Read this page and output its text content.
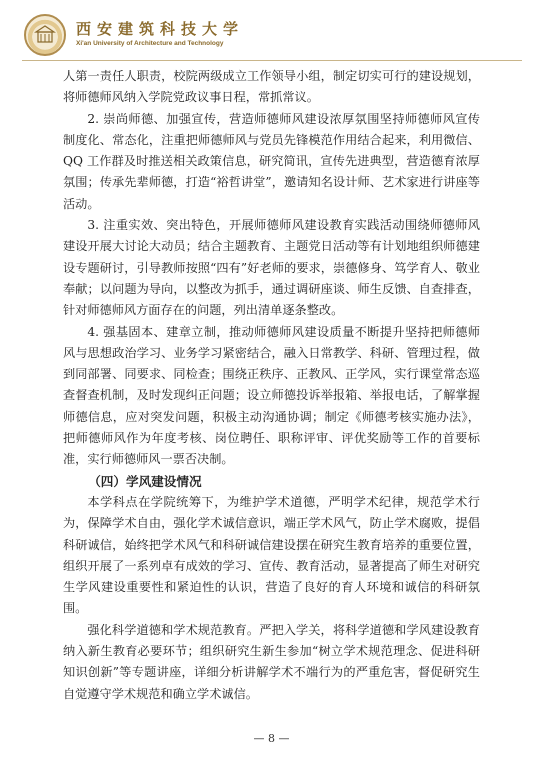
西安建筑科技大学
Xi'an University of Architecture and Technology

人第一责任人职责，校院两级成立工作领导小组，制定切实可行的建设规划，将师德师风纳入学院党政议事日程，常抓常议。

2. 崇尚师德、加强宣传，营造师德师风建设浓厚氛围坚持师德师风宣传制度化、常态化，注重把师德师风与党员先锋模范作用结合起来，利用微信、QQ 工作群及时推送相关政策信息，研究简讯，宣传先进典型，营造德育浓厚氛围；传承先辈师德，打造“裕哲讲堂”，邀请知名设计师、艺术家进行讲座等活动。

3. 注重实效、突出特色，开展师德师风建设教育实践活动围绕师德师风建设开展大讨论大动员；结合主题教育、主题党日活动等有计划地组织师德建设专题研讨，引导教师按照“四有”好老师的要求，崇德修身、笃学育人、敬业奉献；以问题为导向，以整改为抓手，通过调研座谈、师生反馈、自查排查，针对师德师风方面存在的问题，列出清单逐条整改。

4. 强基固本、建章立制，推动师德师风建设质量不断提升坚持把师德师风与思想政治学习、业务学习紧密结合，融入日常教学、科研、管理过程，做到同部署、同要求、同检查；围绕正秩序、正教风、正学风，实行课堂常态巡查督查机制，及时发现纠正问题；设立师德投诉举报箱、举报电话，了解掌握师德信息，应对突发问题，积极主动沟通协调；制定《师德考核实施办法》，把师德师风作为年度考核、岗位聘任、职称评审、评优奖励等工作的首要标准，实行师德师风一票否决制。

（四）学风建设情况

本学科点在学院统筹下，为维护学术道德，严明学术纪律，规范学术行为，保障学术自由，强化学术诚信意识，端正学术风气，防止学术腐败，提倡科研诚信，始终把学术风气和科研诚信建设摆在研究生教育培养的重要位置，组织开展了一系列卓有成效的学习、宣传、教育活动，显著提高了师生对研究生学风建设重要性和紧迫性的认识，营造了良好的育人环境和诚信的科研氛围。

强化科学道德和学术规范教育。严把入学关，将科学道德和学风建设教育纳入新生教育必要环节；组织研究生新生参加“树立学术规范理念、促进科研知识创新”等专题讲座，详细分析讲解学术不端行为的严重危害，督促研究生自觉遵守学术规范和确立学术诚信。

— 8 —
